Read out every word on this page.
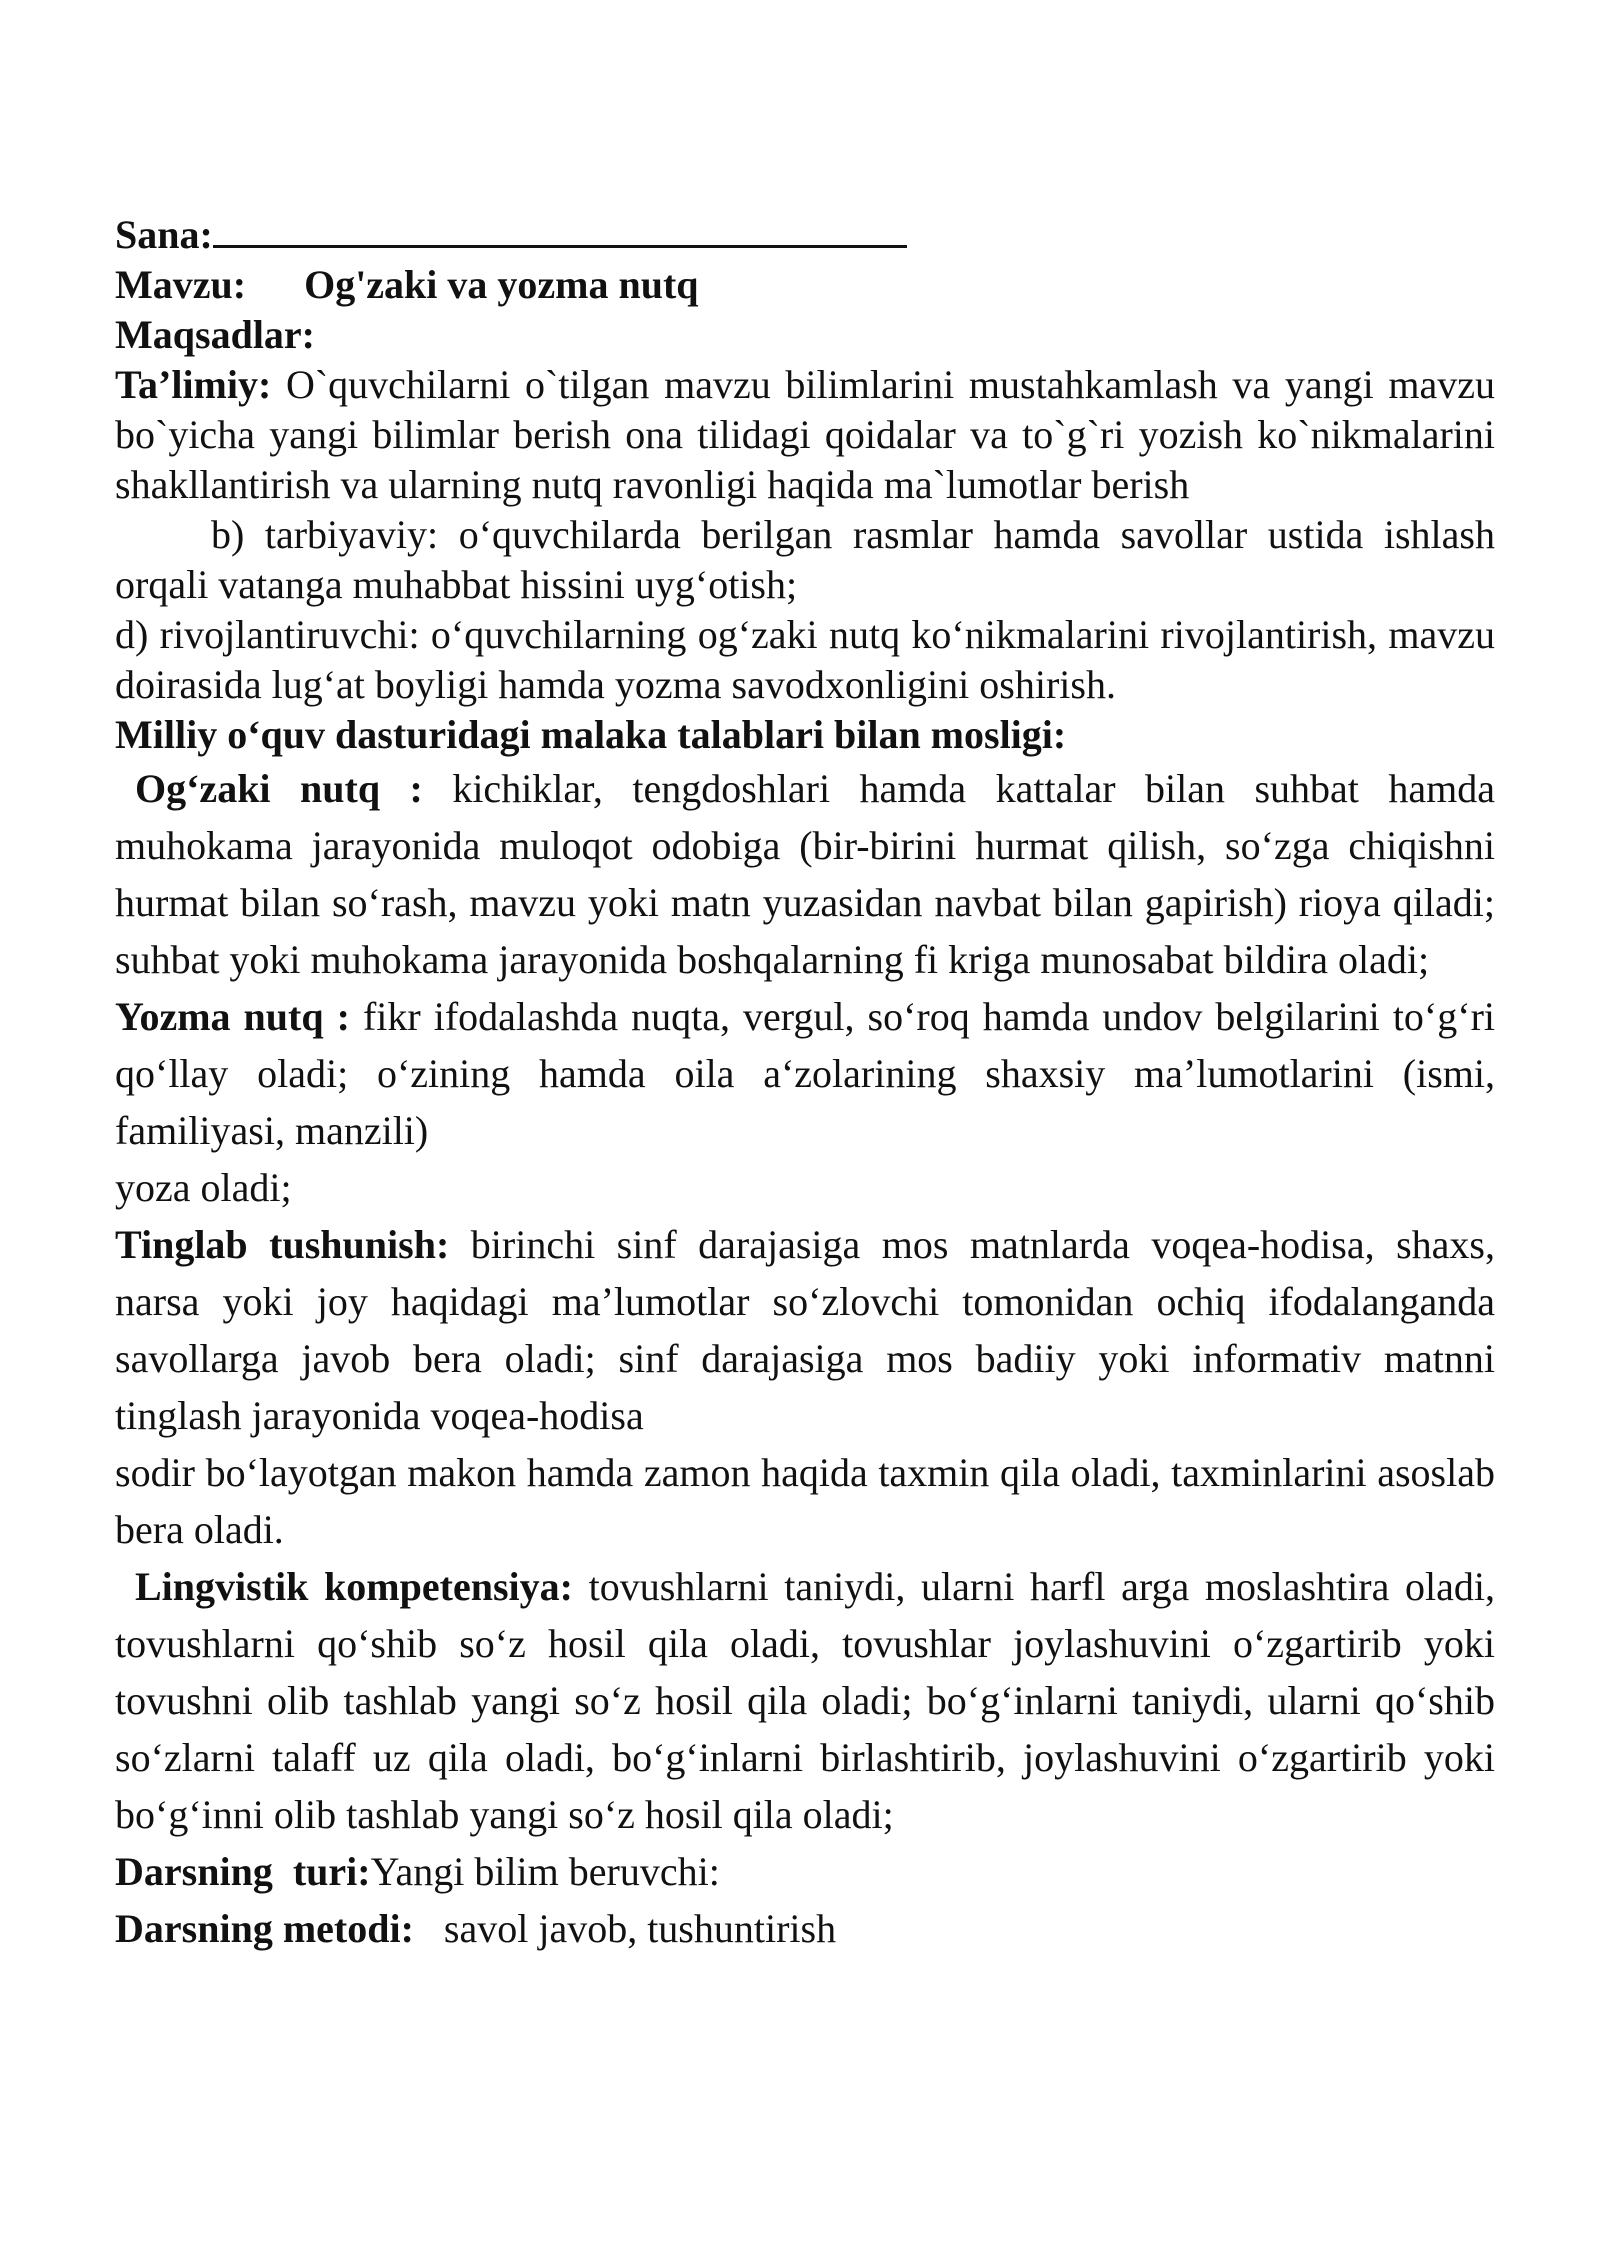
Sana:

Mavzu: Og'zaki va yozma nutq

Maqsadlar:

Ta’limiy: O`quvchilarni o`tilgan mavzu bilimlarini mustahkamlash va yangi mavzu bo`yicha yangi bilimlar berish ona tilidagi qoidalar va to`g`ri yozish ko`nikmalarini shakllantirish va ularning nutq ravonligi haqida ma`lumotlar berish

b) tarbiyaviy: o‘quvchilarda berilgan rasmlar hamda savollar ustida ishlash orqali vatanga muhabbat hissini uyg‘otish;

d) rivojlantiruvchi: o‘quvchilarning og‘zaki nutq ko‘nikmalarini rivojlantirish, mavzu doirasida lug‘at boyligi hamda yozma savodxonligini oshirish.

Milliy o‘quv dasturidagi malaka talablari bilan mosligi:

Og‘zaki nutq : kichiklar, tengdoshlari hamda kattalar bilan suhbat hamda muhokama jarayonida muloqot odobiga (bir-birini hurmat qilish, so‘zga chiqishni hurmat bilan so‘rash, mavzu yoki matn yuzasidan navbat bilan gapirish) rioya qiladi; suhbat yoki muhokama jarayonida boshqalarning fi kriga munosabat bildira oladi;

Yozma nutq : fikr ifodalashda nuqta, vergul, so‘roq hamda undov belgilarini to‘g‘ri qo‘llay oladi; o‘zining hamda oila a‘zolarining shaxsiy ma’lumotlarini (ismi, familiyasi, manzili)

yoza oladi;

Tinglab tushunish: birinchi sinf darajasiga mos matnlarda voqea-hodisa, shaxs, narsa yoki joy haqidagi ma’lumotlar so‘zlovchi tomonidan ochiq ifodalanganda savollarga javob bera oladi; sinf darajasiga mos badiiy yoki informativ matnni tinglash jarayonida voqea-hodisa

sodir bo‘layotgan makon hamda zamon haqida taxmin qila oladi, taxminlarini asoslab bera oladi.

Lingvistik kompetensiya: tovushlarni taniydi, ularni harfl arga moslashtira oladi, tovushlarni qo‘shib so‘z hosil qila oladi, tovushlar joylashuvini o‘zgartirib yoki tovushni olib tashlab yangi so‘z hosil qila oladi; bo‘g‘inlarni taniydi, ularni qo‘shib so‘zlarni talaff uz qila oladi, bo‘g‘inlarni birlashtirib, joylashuvini o‘zgartirib yoki bo‘g‘inni olib tashlab yangi so‘z hosil qila oladi;

Darsning  turi:Yangi bilim beruvchi:

Darsning metodi:   savol javob, tushuntirish
